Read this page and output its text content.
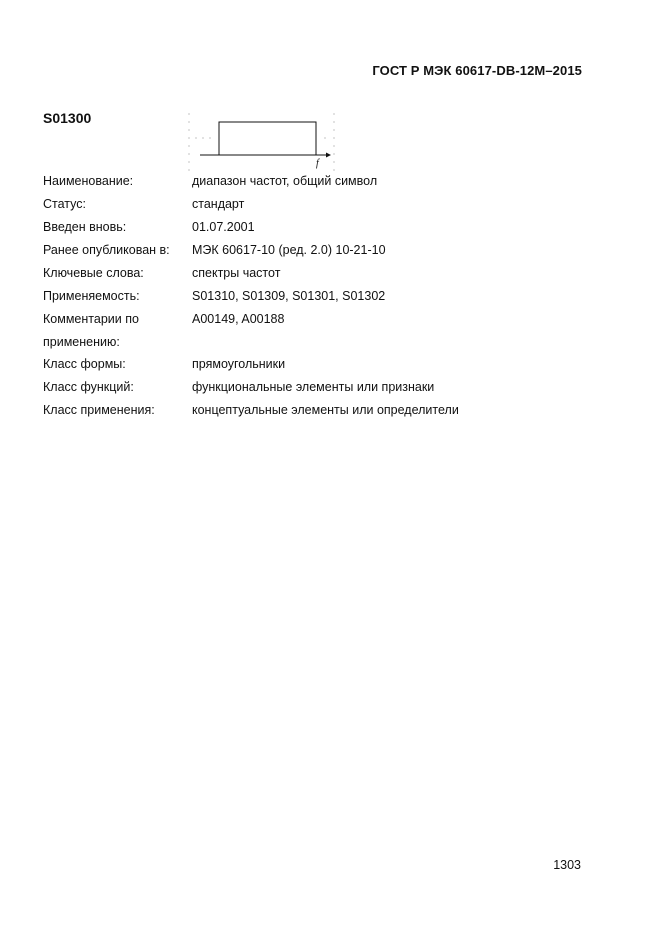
ГОСТ Р МЭК 60617-DB-12M–2015
S01300
f
Наименование:	диапазон частот, общий символ
Статус:	стандарт
Введен вновь:	01.07.2001
Ранее опубликован в:	МЭК 60617-10 (ред. 2.0) 10-21-10
Ключевые слова:	спектры частот
Применяемость:	S01310, S01309, S01301, S01302
Комментарии по
применению:
A00149, A00188
Класс формы:	прямоугольники
Класс функций:	функциональные элементы или признаки
Класс применения:	концептуальные элементы или определители
1303
